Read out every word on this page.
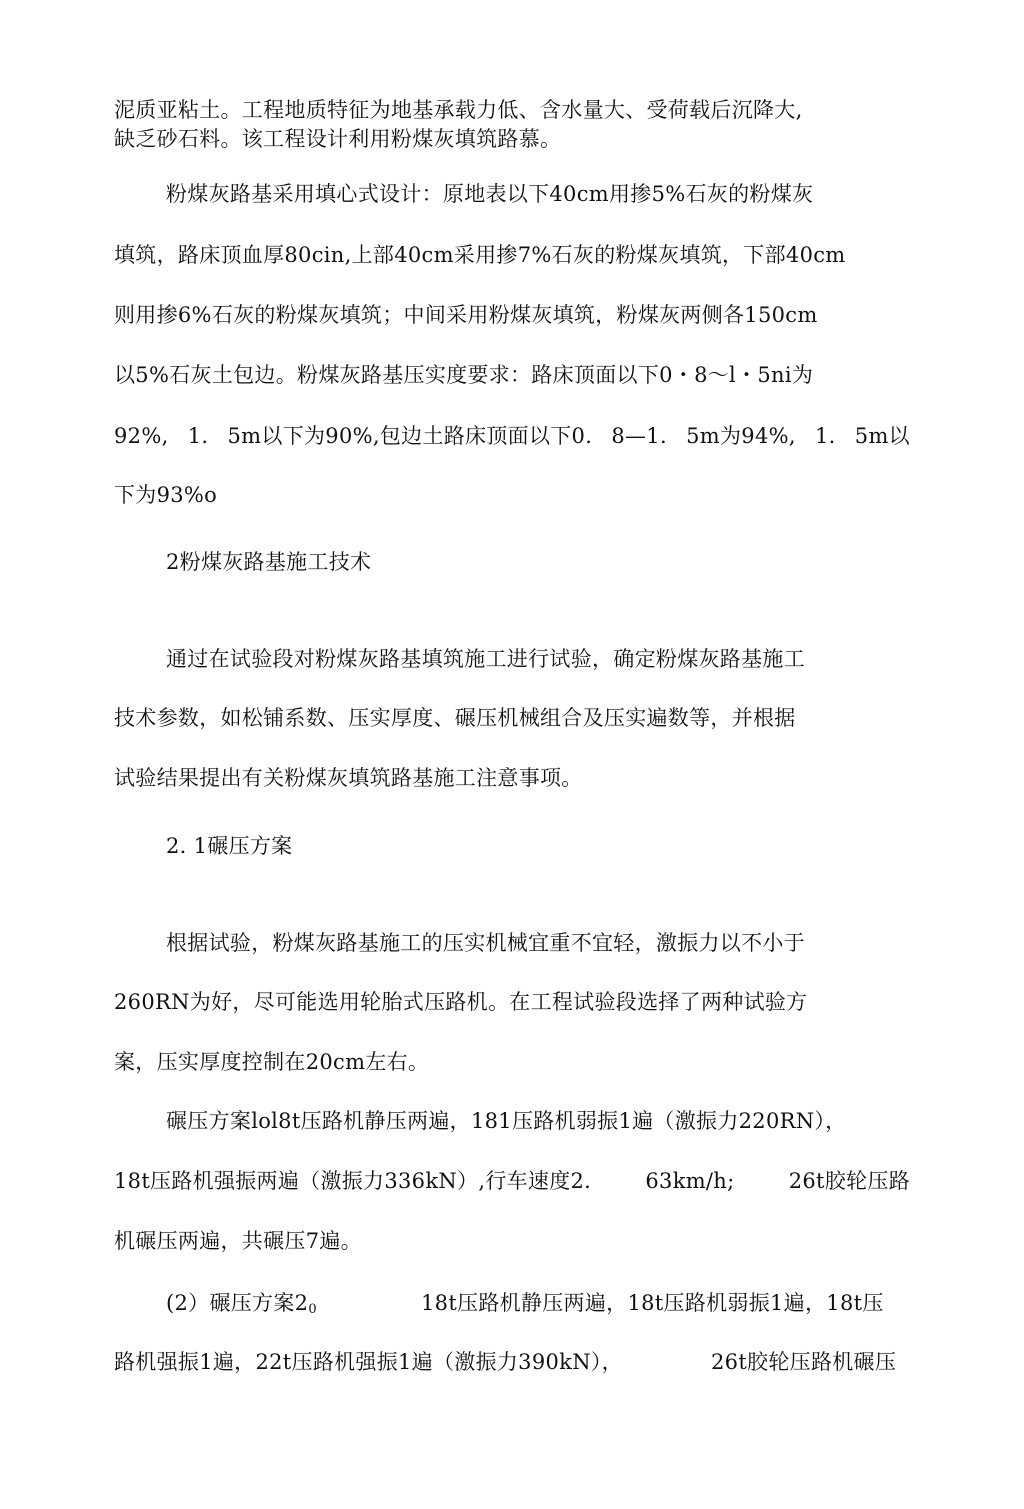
泥质亚粘土。工程地质特征为地基承载力低、含水量大、受荷载后沉降大,
缺乏砂石料。该工程设计利用粉煤灰填筑路慕。
粉煤灰路基采用填心式设计：原地表以下40cm用掺5%石灰的粉煤灰
填筑，路床顶血厚80cin,上部40cm采用掺7%石灰的粉煤灰填筑，下部40cm
则用掺6%石灰的粉煤灰填筑；中间采用粉煤灰填筑，粉煤灰两侧各150cm
以5%石灰土包边。粉煤灰路基压实度要求：路床顶面以下0・8〜l・5ni为
92%, 1. 5m以下为90%,包边土路床顶面以下0. 8—1. 5m为94%, 1. 5m以
下为93%o
2粉煤灰路基施工技术
通过在试验段对粉煤灰路基填筑施工进行试验，确定粉煤灰路基施工
技术参数，如松铺系数、压实厚度、碾压机械组合及压实遍数等，并根据
试验结果提出有关粉煤灰填筑路基施工注意事项。
2. 1碾压方案
根据试验，粉煤灰路基施工的压实机械宜重不宜轻，激振力以不小于
260RN为好，尽可能选用轮胎式压路机。在工程试验段选择了两种试验方
案，压实厚度控制在20cm左右。
碾压方案lol8t压路机静压两遍，181压路机弱振1遍（激振力220RN），
18t压路机强振两遍（激振力336kN）,行车速度2.	63km/h;	26t胶轮压路
机碾压两遍，共碾压7遍。
(2）碾压方案$2_0$	18t压路机静压两遍，18t压路机弱振1遍，18t压
路机强振1遍，22t压路机强振1遍（激振力390kN），	26t胶轮压路机碾压
